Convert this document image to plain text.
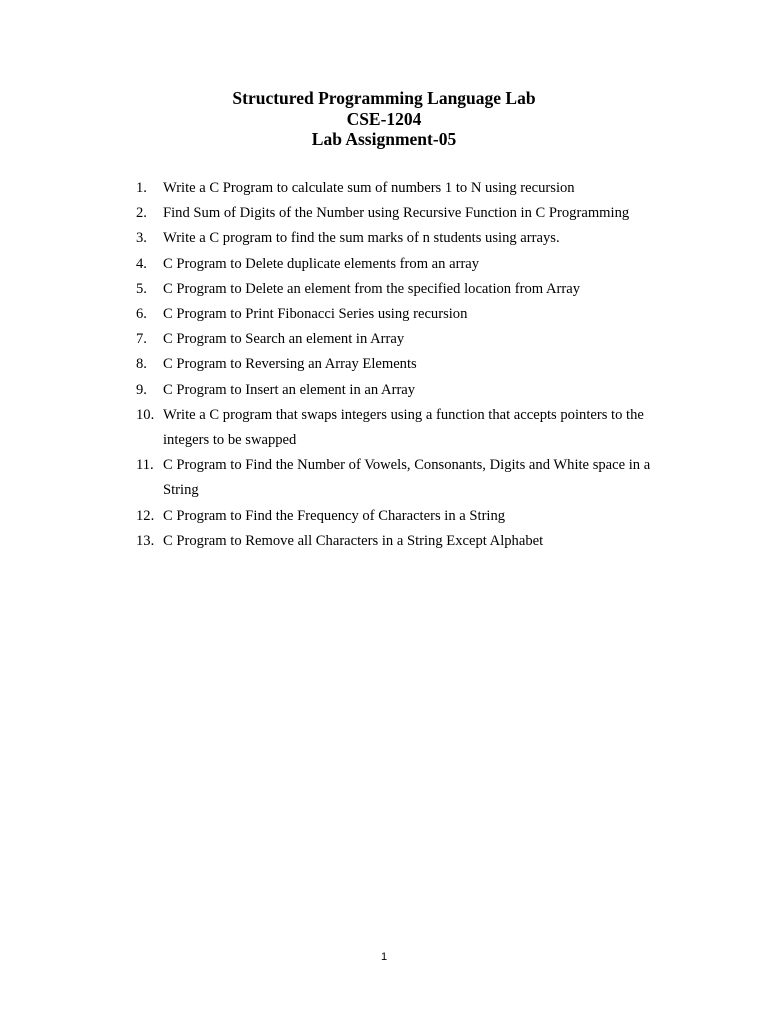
Structured Programming Language Lab
CSE-1204
Lab Assignment-05
1.	Write a C Program to calculate sum of numbers 1 to N using recursion
2.	Find Sum of Digits of the Number using Recursive Function in C Programming
3.	Write a C program to find the sum marks of n students using arrays.
4.	C Program to Delete duplicate elements from an array
5.	C Program to Delete an element from the specified location from Array
6.	C Program to Print Fibonacci Series using recursion
7.	C Program to Search an element in Array
8.	C Program to Reversing an Array Elements
9.	C Program to Insert an element in an Array
10. Write a C program that swaps integers using a function that accepts pointers to the integers to be swapped
11. C Program to Find the Number of Vowels, Consonants, Digits and White space in a String
12. C Program to Find the Frequency of Characters in a String
13. C Program to Remove all Characters in a String Except Alphabet
1
